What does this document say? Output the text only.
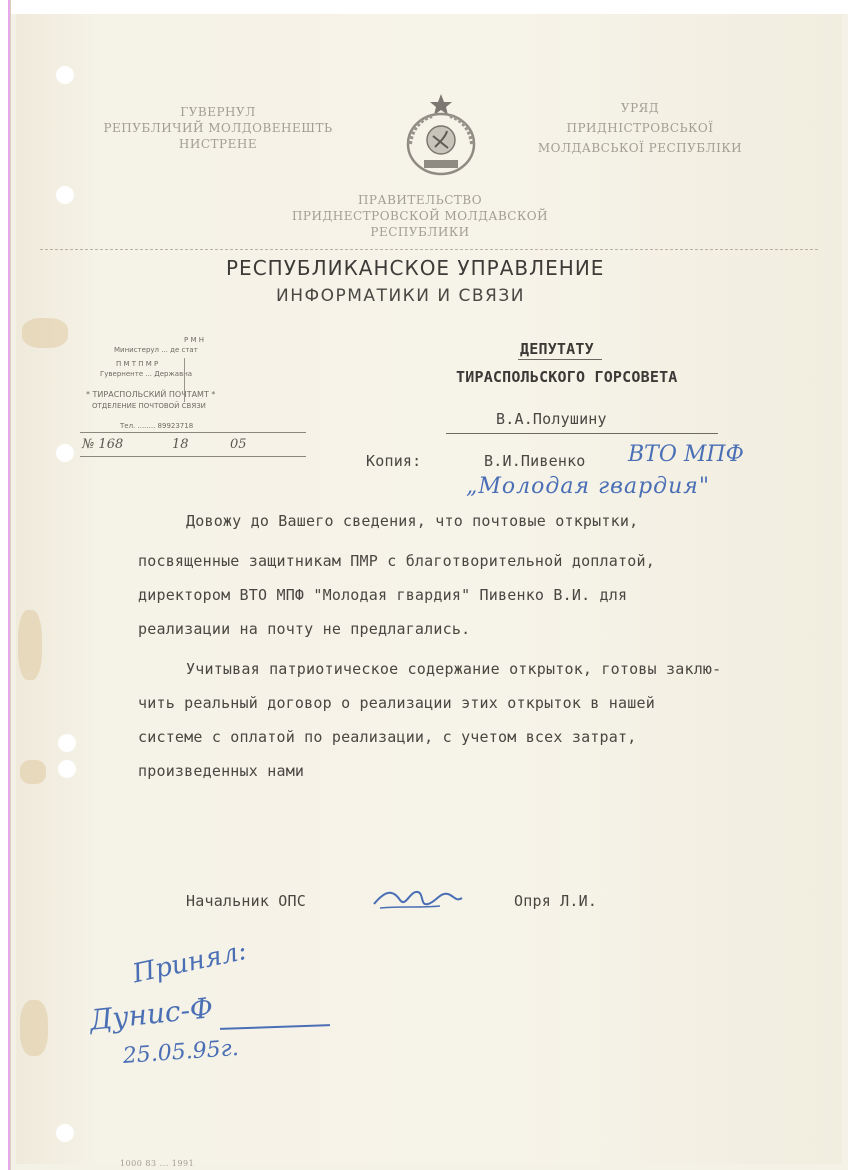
ГУВЕРНУЛ
РЕПУБЛИЧИЙ МОЛДОВЕНЕШТЬ
НИСТРЕНЕ
УРЯД
ПРИДНІСТРОВСЬКОЇ
МОЛДАВСЬКОЇ РЕСПУБЛІКИ
ПРАВИТЕЛЬСТВО
ПРИДНЕСТРОВСКОЙ МОЛДАВСКОЙ
РЕСПУБЛИКИ
РЕСПУБЛИКАНСКОЕ УПРАВЛЕНИЕ
ИНФОРМАТИКИ И СВЯЗИ
Р М Н
Министерул ... де стат
П М Т П М Р
Гуверненте ... Державна
* ТИРАСПОЛЬСКИЙ ПОЧТАМТ *
ОТДЕЛЕНИЕ ПОЧТОВОЙ СВЯЗИ
Тел. ........ 89923718
№ 168	18	05
ДЕПУТАТУ
ТИРАСПОЛЬСКОГО ГОРСОВЕТА
В.А.Полушину
Копия:	В.И.Пивенко ВТО МПФ
„Молодая гвардия"
Довожу до Вашего сведения, что почтовые открытки,
посвященные защитникам ПМР с благотворительной доплатой,
директором ВТО МПФ "Молодая гвардия" Пивенко В.И. для
реализации на почту не предлагались.
Учитывая патриотическое содержание открыток, готовы заклю-
чить реальный договор о реализации этих открыток в нашей
системе с оплатой по реализации, с учетом всех затрат,
произведенных нами
Начальник ОПС	Опря Л.И.
Принял:
Дунис-Ф
25.05.95г.
1000 83 ... 1991
